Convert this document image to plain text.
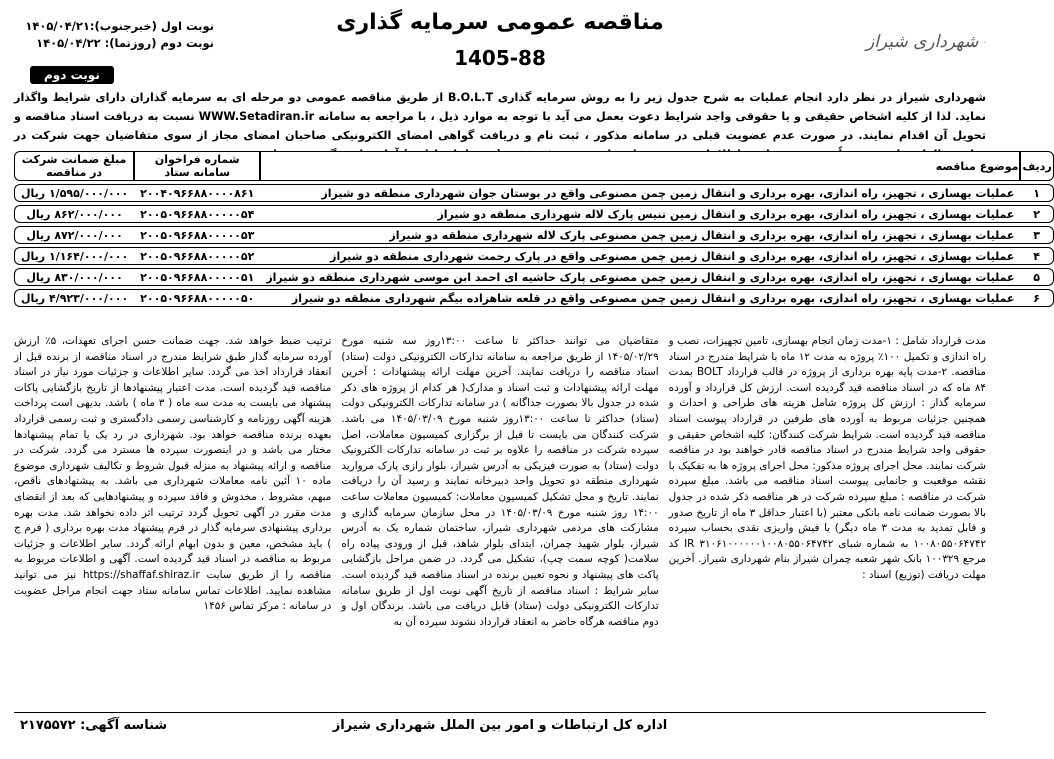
شهرداری شیراز
مناقصه عمومی سرمایه گذاری
1405-88
نوبت اول (خبرجنوب):۱۴۰۵/۰۴/۲۱
نوبت دوم (روزنما): ۱۴۰۵/۰۴/۲۲
نوبت دوم
شهرداری شیراز در نظر دارد انجام عملیات به شرح جدول زیر را به روش سرمایه گذاری B.O.L.T از طریق مناقصه عمومی دو مرحله ای به سرمایه گذاران دارای شرایط واگذار نماید. لذا از کلیه اشخاص حقیقی و یا حقوقی واجد شرایط دعوت بعمل می آید با توجه به موارد ذیل ، با مراجعه به سامانه WWW.Setadiran.ir نسبت به دریافت اسناد مناقصه و تحویل آن اقدام نمایند. در صورت عدم عضویت قبلی در سامانه مذکور ، ثبت نام و دریافت گواهی امضای الکترونیکی صاحبان امضای مجاز از سوی متقاضیان جهت شرکت در
ردیف	موضوع مناقصه	شماره فراخوان سامانه ستاد	مبلغ ضمانت شرکت در مناقصه
۱	عملیات بهسازی ، تجهیز، راه اندازی، بهره برداری و انتقال زمین چمن مصنوعی واقع در بوستان جوان شهرداری منطقه دو شیراز	۲۰۰۴۰۹۶۶۸۸۰۰۰۰۸۶۱	۱/۵۹۵/۰۰۰/۰۰۰ ریال
۲	عملیات بهسازی ، تجهیز، راه اندازی، بهره برداری و انتقال زمین تنیس پارک لاله شهرداری منطقه دو شیراز	۲۰۰۵۰۹۶۶۸۸۰۰۰۰۰۵۴	۸۶۲/۰۰۰/۰۰۰ ریال
۳	عملیات بهسازی ، تجهیز، راه اندازی، بهره برداری و انتقال زمین چمن مصنوعی پارک لاله شهرداری منطقه دو شیراز	۲۰۰۵۰۹۶۶۸۸۰۰۰۰۰۵۳	۸۷۲/۰۰۰/۰۰۰ ریال
۴	عملیات بهسازی ، تجهیز، راه اندازی، بهره برداری و انتقال زمین چمن مصنوعی واقع در پارک رحمت شهرداری منطقه دو شیراز	۲۰۰۵۰۹۶۶۸۸۰۰۰۰۰۵۲	۱/۱۶۴/۰۰۰/۰۰۰ ریال
۵	عملیات بهسازی ، تجهیز، راه اندازی، بهره برداری و انتقال زمین چمن مصنوعی پارک حاشیه ای احمد ابن موسی شهرداری منطقه دو شیراز	۲۰۰۵۰۹۶۶۸۸۰۰۰۰۰۵۱	۸۳۰/۰۰۰/۰۰۰ ریال
۶	عملیات بهسازی ، تجهیز، راه اندازی، بهره برداری و انتقال زمین چمن مصنوعی واقع در قلعه شاهزاده بیگم شهرداری منطقه دو شیراز	۲۰۰۵۰۹۶۶۸۸۰۰۰۰۰۵۰	۴/۹۲۳/۰۰۰/۰۰۰ ریال

مدت قرارداد شامل : ۱-مدت زمان انجام بهسازی، تامین تجهیزات، نصب و راه اندازی و تکمیل ۱۰۰٪ پروژه به مدت ۱۲ ماه با شرایط مندرج در اسناد مناقصه. ۲-مدت پایه بهره برداری از پروژه در قالب قرارداد BOLT بمدت ۸۴ ماه که در اسناد مناقصه قید گردیده است. ارزش کل قرارداد و آورده سرمایه گذار : ارزش کل پروژه شامل هزینه های طراحی و احداث و همچنین جزئیات مربوط به آورده های طرفین در قرارداد پیوست اسناد مناقصه قید گردیده است. شرایط شرکت کنندگان: کلیه اشخاص حقیقی و حقوقی واجد شرایط مندرج در اسناد مناقصه قادر خواهند بود در مناقصه شرکت نمایند. محل اجرای پروژه مذکور: محل اجرای پروژه ها به تفکیک با نقشه موقعیت و جانمایی پیوست اسناد مناقصه می باشد. مبلغ سپرده شرکت در مناقصه : مبلغ سپرده شرکت در هر مناقصه ذکر شده در جدول بالا بصورت ضمانت نامه بانکی معتبر (با اعتبار حداقل ۳ ماه از تاریخ صدور و قابل تمدید به مدت ۳ ماه دیگر) یا فیش واریزی نقدی بحساب سپرده ۱۰۰۸۰۵۵۰۶۴۷۴۲ به شماره شبای IR ۳۱۰۶۱۰۰۰۰۰۰۱۰۰۸۰۵۵۰۶۴۷۴۲ کد مرجع ۱۰۰۳۲۹ بانک شهر شعبه چمران شیراز بنام شهرداری شیراز. آخرین مهلت دریافت (توزیع) اسناد :

متقاضیان می توانند حداکثر تا ساعت ۱۳:۰۰روز سه شنبه مورخ ۱۴۰۵/۰۲/۲۹ از طریق مراجعه به سامانه تدارکات الکترونیکی دولت (ستاد) اسناد مناقصه را دریافت نمایند. آخرین مهلت ارائه پیشنهادات : آخرین مهلت ارائه پیشنهادات و ثبت اسناد و مدارک( هر کدام از پروژه های ذکر شده در جدول بالا بصورت جداگانه ) در سامانه تدارکات الکترونیکی دولت (ستاد) حداکثر تا ساعت ۱۳:۰۰روز شنبه مورخ ۱۴۰۵/۰۳/۰۹ می باشد. شرکت کنندگان می بایست تا قبل از برگزاری کمیسیون معاملات، اصل سپرده شرکت در مناقصه را علاوه بر ثبت در سامانه تدارکات الکترونیک دولت (ستاد) به صورت فیزیکی به آدرس شیراز، بلوار رازی پارک مروارید شهرداری منطقه دو تحویل واحد دبیرخانه نمایند و رسید آن را دریافت نمایند. تاریخ و محل تشکیل کمیسیون معاملات: کمیسیون معاملات ساعت ۱۴:۰۰ روز شنبه مورخ ۱۴۰۵/۰۳/۰۹ در محل سازمان سرمایه گذاری و مشارکت های مردمی شهرداری شیراز، ساختمان شماره یک به آدرس شیراز، بلوار شهید چمران، ابتدای بلوار شاهد، قبل از ورودی پیاده راه سلامت( کوچه سمت چپ)، تشکیل می گردد. در ضمن مراحل بازگشایی پاکت های پیشنهاد و نحوه تعیین برنده در اسناد مناقصه قید گردیده است. سایر شرایط : اسناد مناقصه از تاریخ آگهی نوبت اول از طریق سامانه تدارکات الکترونیکی دولت (ستاد) قابل دریافت می باشد. برندگان اول و دوم مناقصه هرگاه حاضر به انعقاد قرارداد نشوند سپرده آن به

ترتیب ضبط خواهد شد. جهت ضمانت حسن اجرای تعهدات، ۵٪ ارزش آورده سرمایه گذار طبق شرایط مندرج در اسناد مناقصه از برنده قبل از انعقاد قرارداد اخذ می گردد. سایر اطلاعات و جزئیات مورد نیاز در اسناد مناقصه قید گردیده است. مدت اعتبار پیشنهادها از تاریخ بازگشایی پاکات پیشنهاد می بایست به مدت سه ماه ( ۳ ماه ) باشد. بدیهی است پرداخت هزینه آگهی روزنامه و کارشناسی رسمی دادگستری و ثبت رسمی قرارداد بعهده برنده مناقصه خواهد بود. شهرداری در رد یک یا تمام پیشنهادها مختار می باشد و در اینصورت سپرده ها مسترد می گردد. شرکت در مناقصه و ارائه پیشنهاد به منزله قبول شروط و تکالیف شهرداری موضوع ماده ۱۰ آئین نامه معاملات شهرداری می باشد. به پیشنهادهای ناقص، مبهم، مشروط ، مخدوش و فاقد سپرده و پیشنهادهایی که بعد از انقضای مدت مقرر در آگهی تحویل گردد ترتیب اثر داده نخواهد شد. مدت بهره برداری پیشنهادی سرمایه گذار در فرم پیشنهاد مدت بهره برداری ( فرم ج ) باید مشخص، معین و بدون ابهام ارائه گردد. سایر اطلاعات و جزئیات مربوط به مناقصه در اسناد قید گردیده است. آگهی و اطلاعات مربوط به مناقصه را از طریق سایت https://shaffaf.shiraz.ir نیز می توانید مشاهده نمایید. اطلاعات تماس سامانه ستاد جهت انجام مراحل عضویت در سامانه : مرکز تماس ۱۴۵۶

اداره کل ارتباطات و امور بین الملل شهرداری شیراز
شناسه آگهی: ۲۱۷۵۵۷۲
